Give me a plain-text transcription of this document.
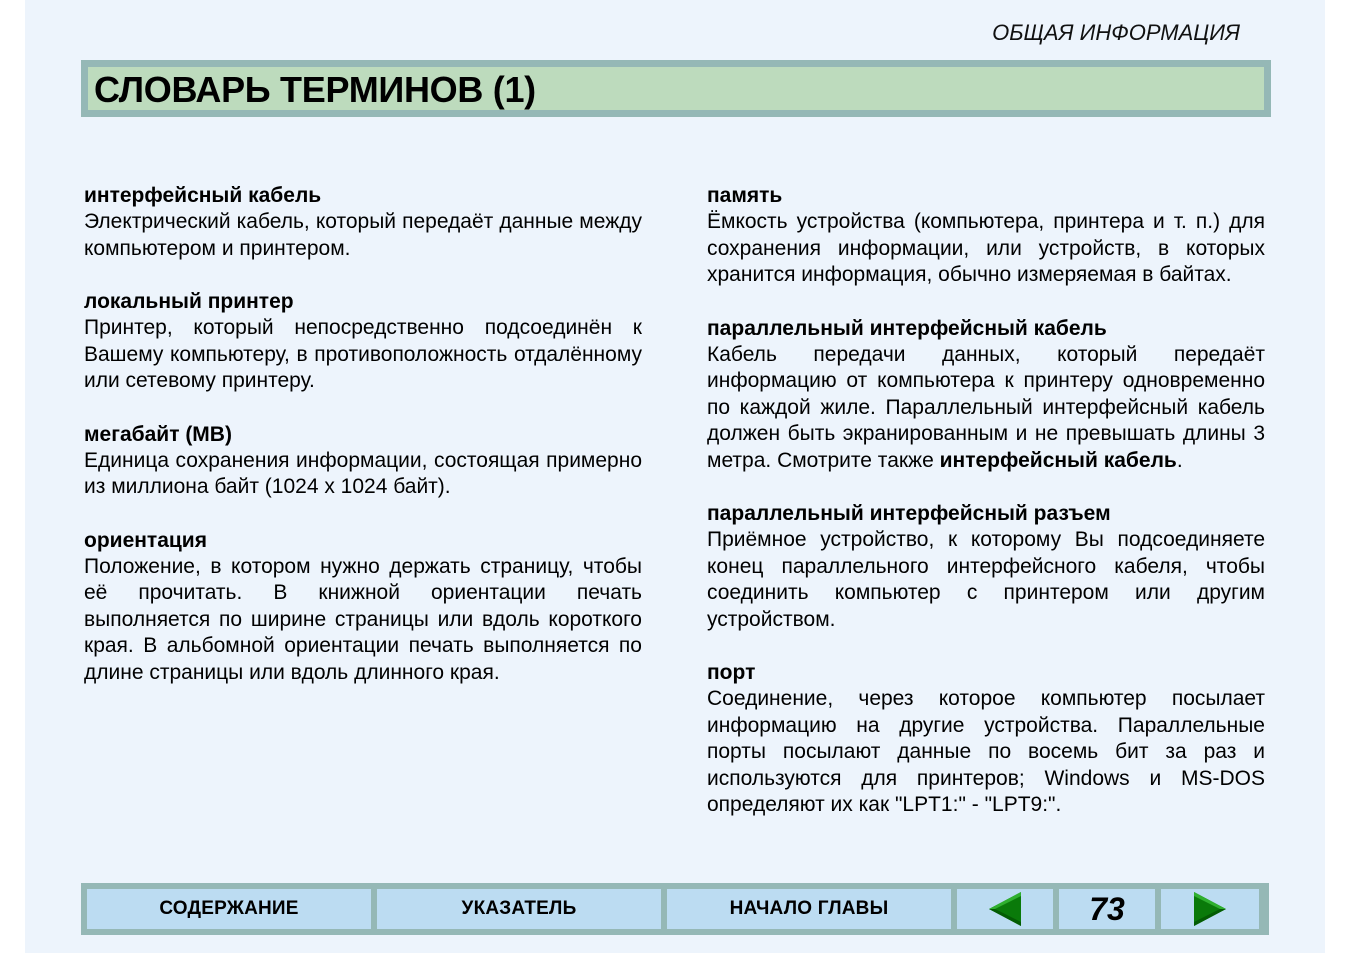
ОБЩАЯ ИНФОРМАЦИЯ
СЛОВАРЬ ТЕРМИНОВ (1)

интерфейсный кабель

Электрический кабель, который передаёт данные между компьютером и принтером.

локальный принтер

Принтер, который непосредственно подсоединён к Вашему компьютеру, в противоположность отдалённому или сетевому принтеру.

мегабайт (MB)

Единица сохранения информации, состоящая примерно из миллиона байт (1024 x 1024 байт).

ориентация

Положение, в котором нужно держать страницу, чтобы её прочитать. В книжной ориентации печать выполняется по ширине страницы или вдоль короткого края. В альбомной ориентации печать выполняется по длине страницы или вдоль длинного края.

память

Ёмкость устройства (компьютера, принтера и т. п.) для сохранения информации, или устройств, в которых хранится информация, обычно измеряемая в байтах.

параллельный интерфейсный кабель

Кабель передачи данных, который передаёт информацию от компьютера к принтеру одновременно по каждой жиле. Параллельный интерфейсный кабель должен быть экранированным и не превышать длины 3 метра. Смотрите также интерфейсный кабель.

параллельный интерфейсный разъем

Приёмное устройство, к которому Вы подсоединяете конец параллельного интерфейсного кабеля, чтобы соединить компьютер с принтером или другим устройством.

порт

Соединение, через которое компьютер посылает информацию на другие устройства. Параллельные порты посылают данные по восемь бит за раз и используются для принтеров; Windows и MS-DOS определяют их как "LPT1:" - "LPT9:".

СОДЕРЖАНИЕ	УКАЗАТЕЛЬ	НАЧАЛО ГЛАВЫ	73
